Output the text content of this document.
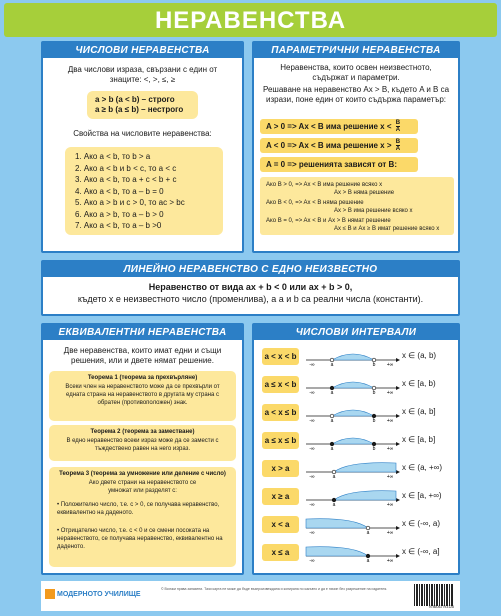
НЕРАВЕНСТВА
ЧИСЛОВИ НЕРАВЕНСТВА
Два числови израза, свързани с един от знаците: <, >, ≤, ≥
a > b (a < b) – строго
a ≥ b (a ≤ b) – нестрого
Свойства на числовите неравенства:
1. Ако a < b, то b > a
2. Ако a < b и b < c, то a < c
3. Ако a < b, то a + c < b + c
4. Ако a < b, то a – b = 0
5. Ако a > b и c > 0, то ac > bc
6. Ако a > b, то a – b > 0
7. Ако a < b, то a – b >0
ПАРАМЕТРИЧНИ НЕРАВЕНСТВА
Неравенства, които освен неизвестното, съдържат и параметри.
Решаване на неравенство Ax > B, където A и B са изрази, поне един от които съдържа параметър:
A > 0 => Ax < B има решение $x < \frac{B}{A}$
A < 0 => Ax < B има решение $x > \frac{B}{A}$
A = 0 => решенията зависят от B:
Ако B > 0, => Ax < B има решение всяко x
Ax > B няма решение
Ако B < 0, => Ax < B няма решение
Ax > B има решение всяко x
Ако B = 0, => Ax < B и Ax > B нямат решение
Ax ≤ B и Ax ≥ B имат решение всяко x
ЛИНЕЙНО НЕРАВЕНСТВО С ЕДНО НЕИЗВЕСТНО
Неравенство от вида ax + b < 0 или ax + b > 0,
където x е неизвестното число (променлива), а a и b са реални числа (константи).
ЕКВИВАЛЕНТНИ НЕРАВЕНСТВА
Две неравенства, които имат едни и същи решения, или и двете нямат решение.
Теорема 1 (теорема за прехвърляне)
Всеки член на неравенството може да се прехвърли от едната страна на неравенството в другата му страна с обратен (противоположен) знак.
Теорема 2 (теорема за заместване)
В едно неравенство всеки израз може да се замести с тъждествено равен на него израз.
Теорема 3 (теорема за умножение или деление с число)
Ако двете страни на неравенството се умножат или разделят с:
• Положително число, т.е. c > 0, се получава неравенство, еквивалентно на даденото.
• Отрицателно число, т.е. c < 0 и се смени посоката на неравенството, се получава неравенство, еквивалентно на даденото.
ЧИСЛОВИ ИНТЕРВАЛИ
a < x < b
a	b
-∞	+∞
x ∈ (a, b)
a ≤ x < b
a	b
-∞	+∞
x ∈ [a, b)
a < x ≤ b
a	b
-∞	+∞
x ∈ (a, b]
a ≤ x ≤ b
a	b
-∞	+∞
x ∈ [a, b]
x > a
a
-∞	+∞
x ∈ (a, +∞)
x ≥ a
a
-∞	+∞
x ∈ [a, +∞)
x < a
a
-∞	+∞
x ∈ (-∞, a)
x ≤ a
a
-∞	+∞
x ∈ (-∞, a]
МОДЕРНОТО УЧИЛИЩЕ
© Всички права запазени. Тази карта не може да бъде възпроизвеждана и копирана по какъвто и да е начин без разрешение на издателя.
9786052793128
